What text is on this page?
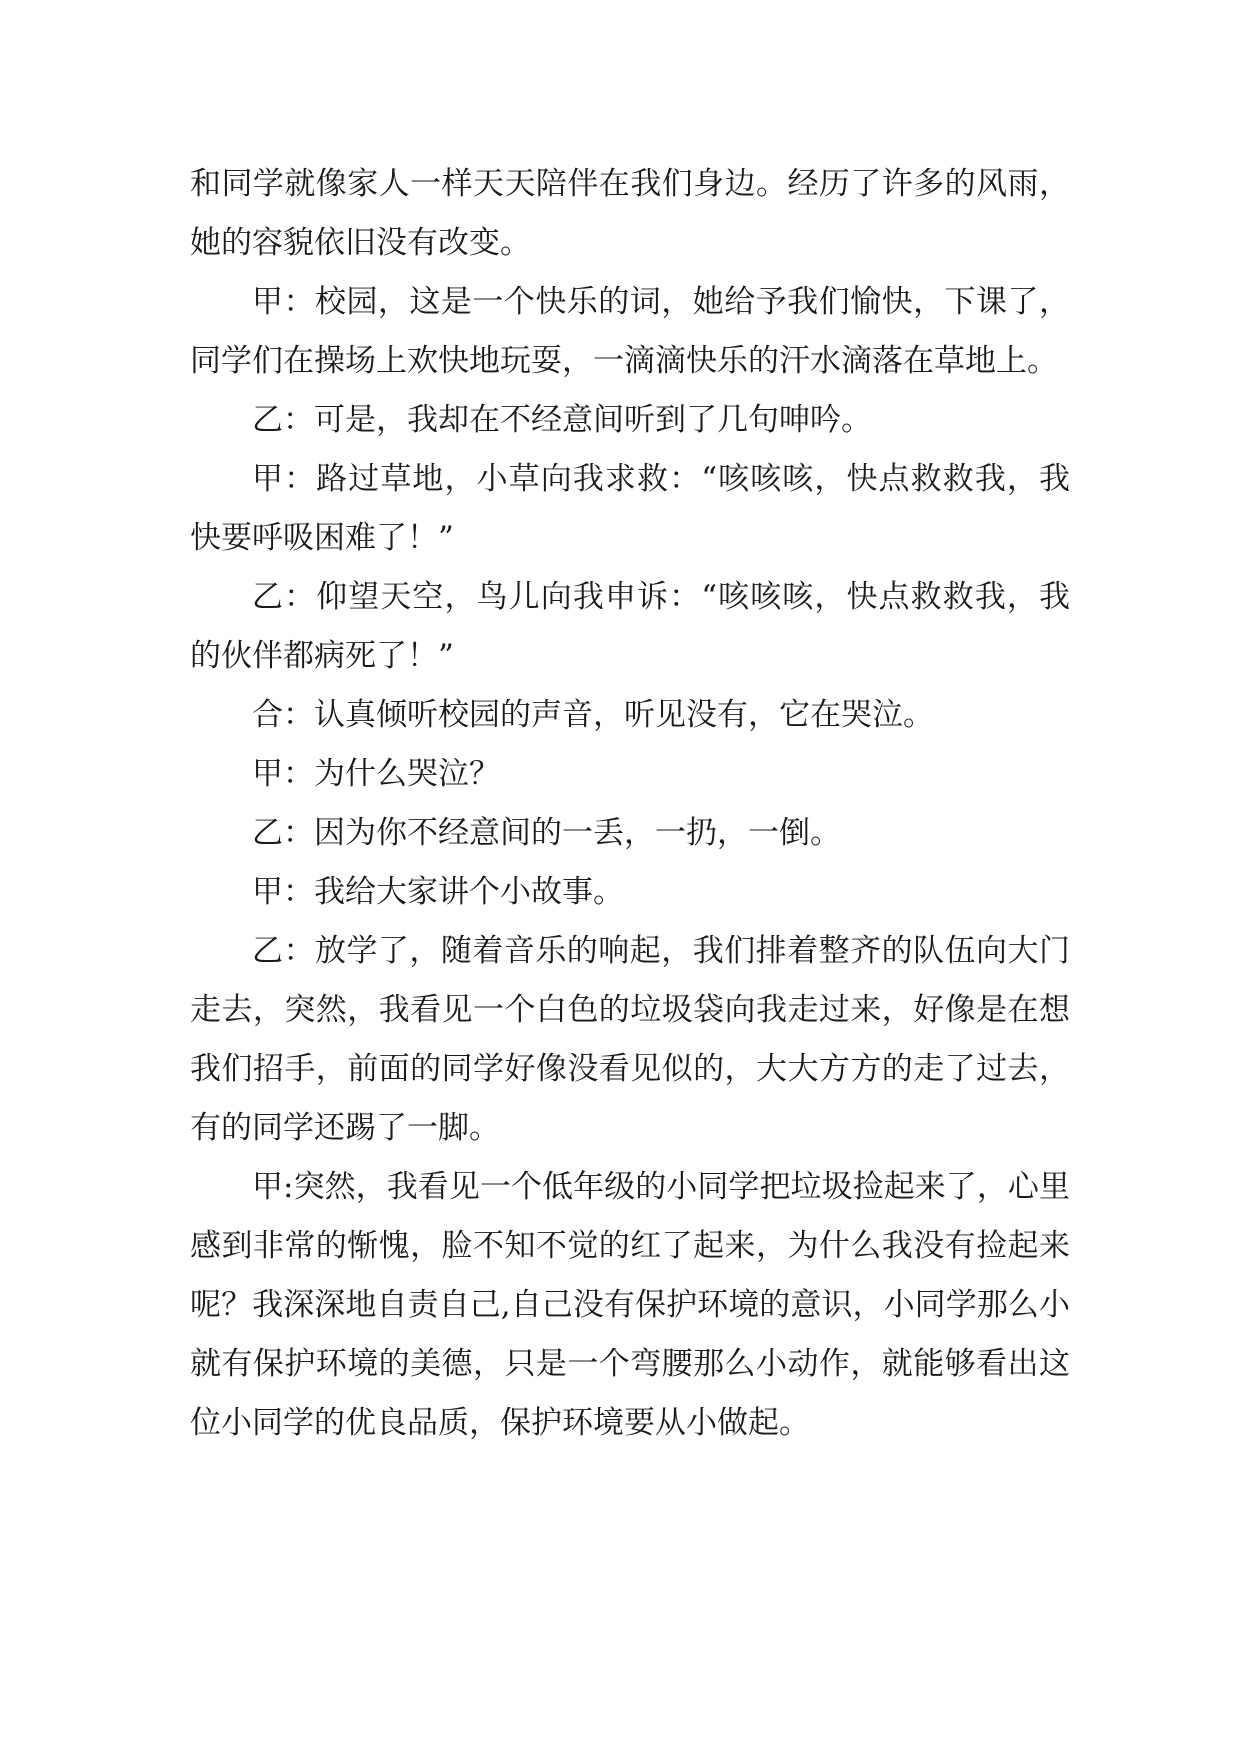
和同学就像家人一样天天陪伴在我们身边。经历了许多的风雨，她的容貌依旧没有改变。

甲：校园，这是一个快乐的词，她给予我们愉快，下课了，同学们在操场上欢快地玩耍，一滴滴快乐的汗水滴落在草地上。

乙：可是，我却在不经意间听到了几句呻吟。

甲：路过草地，小草向我求救：“咳咳咳，快点救救我，我快要呼吸困难了！”

乙：仰望天空，鸟儿向我申诉：“咳咳咳，快点救救我，我的伙伴都病死了！”

合：认真倾听校园的声音，听见没有，它在哭泣。

甲：为什么哭泣？

乙：因为你不经意间的一丢，一扔，一倒。

甲：我给大家讲个小故事。

乙：放学了，随着音乐的响起，我们排着整齐的队伍向大门走去，突然，我看见一个白色的垃圾袋向我走过来，好像是在想我们招手，前面的同学好像没看见似的，大大方方的走了过去，有的同学还踢了一脚。

甲:突然，我看见一个低年级的小同学把垃圾捡起来了，心里感到非常的惭愧，脸不知不觉的红了起来，为什么我没有捡起来呢？我深深地自责自己,自己没有保护环境的意识，小同学那么小就有保护环境的美德，只是一个弯腰那么小动作，就能够看出这位小同学的优良品质，保护环境要从小做起。
